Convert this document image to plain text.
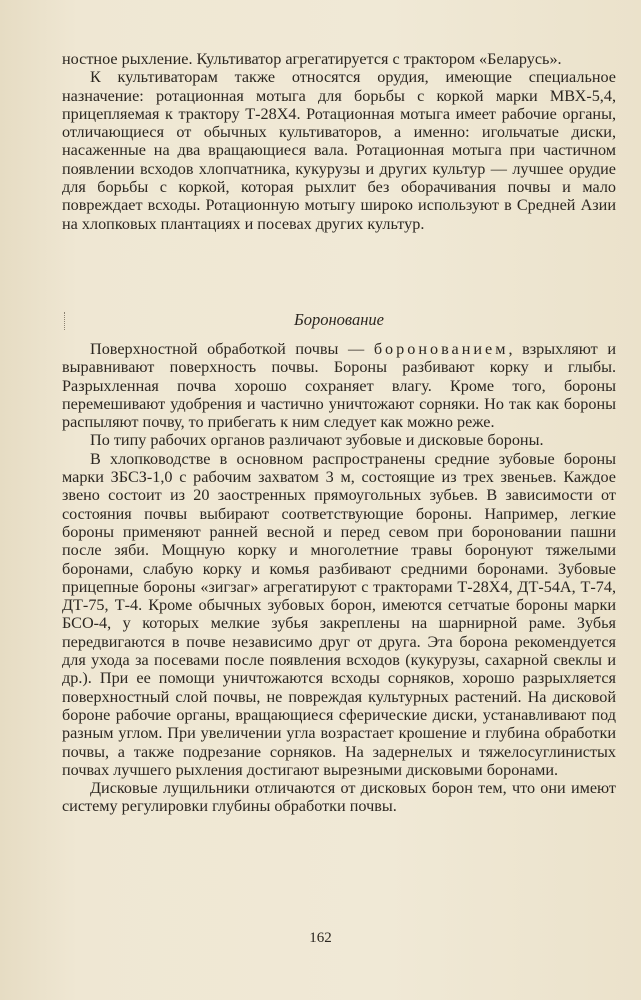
ностное рыхление. Культиватор агрегатируется с трактором «Беларусь».

К культиваторам также относятся орудия, имеющие специальное назначение: ротационная мотыга для борьбы с коркой марки МВХ-5,4, прицепляемая к трактору Т-28Х4. Ротационная мотыга имеет рабочие органы, отличающиеся от обычных культиваторов, а именно: игольчатые диски, насаженные на два вращающиеся вала. Ротационная мотыга при частичном появлении всходов хлопчатника, кукурузы и других культур — лучшее орудие для борьбы с коркой, которая рыхлит без оборачивания почвы и мало повреждает всходы. Ротационную мотыгу широко используют в Средней Азии на хлопковых плантациях и посевах других культур.

Боронование

Поверхностной обработкой почвы — боронованием, взрыхляют и выравнивают поверхность почвы. Бороны разбивают корку и глыбы. Разрыхленная почва хорошо сохраняет влагу. Кроме того, бороны перемешивают удобрения и частично уничтожают сорняки. Но так как бороны распыляют почву, то прибегать к ним следует как можно реже.

По типу рабочих органов различают зубовые и дисковые бороны.

В хлопководстве в основном распространены средние зубовые бороны марки ЗБСЗ-1,0 с рабочим захватом 3 м, состоящие из трех звеньев. Каждое звено состоит из 20 заостренных прямоугольных зубьев. В зависимости от состояния почвы выбирают соответствующие бороны. Например, легкие бороны применяют ранней весной и перед севом при бороновании пашни после зяби. Мощную корку и многолетние травы боронуют тяжелыми боронами, слабую корку и комья разбивают средними боронами. Зубовые прицепные бороны «зигзаг» агрегатируют с тракторами Т-28Х4, ДТ-54А, Т-74, ДТ-75, Т-4. Кроме обычных зубовых борон, имеются сетчатые бороны марки БСО-4, у которых мелкие зубья закреплены на шарнирной раме. Зубья передвигаются в почве независимо друг от друга. Эта борона рекомендуется для ухода за посевами после появления всходов (кукурузы, сахарной свеклы и др.). При ее помощи уничтожаются всходы сорняков, хорошо разрыхляется поверхностный слой почвы, не повреждая культурных растений. На дисковой бороне рабочие органы, вращающиеся сферические диски, устанавливают под разным углом. При увеличении угла возрастает крошение и глубина обработки почвы, а также подрезание сорняков. На задернелых и тяжелосуглинистых почвах лучшего рыхления достигают вырезными дисковыми боронами.

Дисковые лущильники отличаются от дисковых борон тем, что они имеют систему регулировки глубины обработки почвы.

162
